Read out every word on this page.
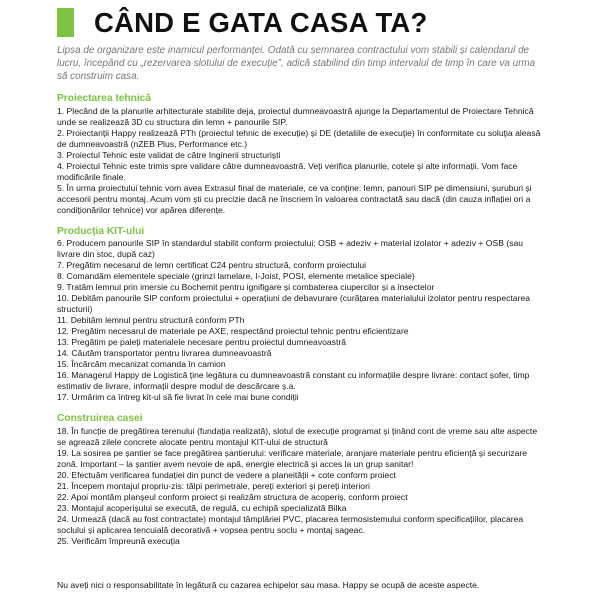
CÂND E GATA CASA TA?

Lipsa de organizare este inamicul performanței. Odată cu semnarea contractului vom stabili și calendarul de lucru, începând cu „rezervarea slotului de execuție”, adică stabilind din timp intervalul de timp în care va urma să construim casa.

Proiectarea tehnică
1. Plecând de la planurile arhitecturale stabilite deja, proiectul dumneavoastră ajunge la Departamentul de Proiectare Tehnică unde se realizează 3D cu structura din lemn + panourile SIP.
2. Proiectanții Happy realizează PTh (proiectul tehnic de execuție) și DE (detaliile de execuție) în conformitate cu soluția aleasă de dumneavoastră (nZEB Plus, Performance etc.)
3. Proiectul Tehnic este validat de către Inginerii structuriști
4. Proiectul Tehnic este trimis spre validare către dumneavoastră. Veți verifica planurile, cotele și alte informații. Vom face modificările finale.
5. În urma proiectului tehnic vom avea Extrasul final de materiale, ce va conține: lemn, panouri SIP pe dimensiuni, șuruburi și accesorii pentru montaj. Acum vom ști cu precizie dacă ne înscriem în valoarea contractată sau dacă (din cauza inflației ori a condiționărilor tehnice) vor apărea diferențe.
Producția KIT-ului
6. Producem panourile SIP în standardul stabilit conform proiectului: OSB + adeziv + material izolator + adeziv + OSB (sau livrare din stoc, după caz)
7. Pregătim necesarul de lemn certificat C24 pentru structură, conform proiectului
8. Comandăm elementele speciale (grinzi lamelare, I-Joist, POSI, elemente metalice speciale)
9. Tratăm lemnul prin imersie cu Bochemit pentru ignifigare și combaterea ciupercilor și a insectelor
10. Debităm panourile SIP conform proiectului + operațiuni de debavurare (curățarea materialului izolator pentru respectarea structurii)
11. Debităm lemnul pentru structură conform PTh
12. Pregătim necesarul de materiale pe AXE, respectând proiectul tehnic pentru eficientizare
13. Pregătim pe paleți materialele necesare pentru proiectul dumneavoastră
14. Căutăm transportator pentru livrarea dumneavoastră
15. Încărcăm mecanizat comanda în camion
16. Managerul Happy de Logistică ține legătura cu dumneavoastră constant cu informațiile despre livrare: contact șofer, timp estimativ de livrare, informații despre modul de descărcare ș.a.
17. Urmărim ca întreg kit-ul să fie livrat în cele mai bune condiții
Construirea casei
18. În funcție de pregătirea terenului (fundația realizată), slotul de execuție programat și ținând cont de vreme sau alte aspecte se agrează zilele concrete alocate pentru montajul KIT-ului de structură
19. La sosirea pe șantier se face pregătirea șantierului: verificare materiale, aranjare materiale pentru eficiență și securizare zonă. Important – la șantier avem nevoie de apă, energie electrică și acces la un grup sanitar!
20. Efectuăm verificarea fundației din punct de vedere a planeității + cote conform proiect
21. Începem montajul propriu-zis: tălpi perimetrale, pereți exteriori și pereți interiori
22. Apoi montăm planșeul conform proiect și realizăm structura de acoperiș, conform proiect
23. Montajul acoperișului se execută, de regulă, cu echipă specializată Bilka
24. Urmează (dacă au fost contractate) montajul tâmplăriei PVC, placarea termosistemului conform specificațiilor, placarea soclului și aplicarea tencuială decorativă + vopsea pentru soclu + montaj sageac.
25. Verificăm împreună execuția

Nu aveți nici o responsabilitate în legătură cu cazarea echipelor sau masa. Happy se ocupă de aceste aspecte.
